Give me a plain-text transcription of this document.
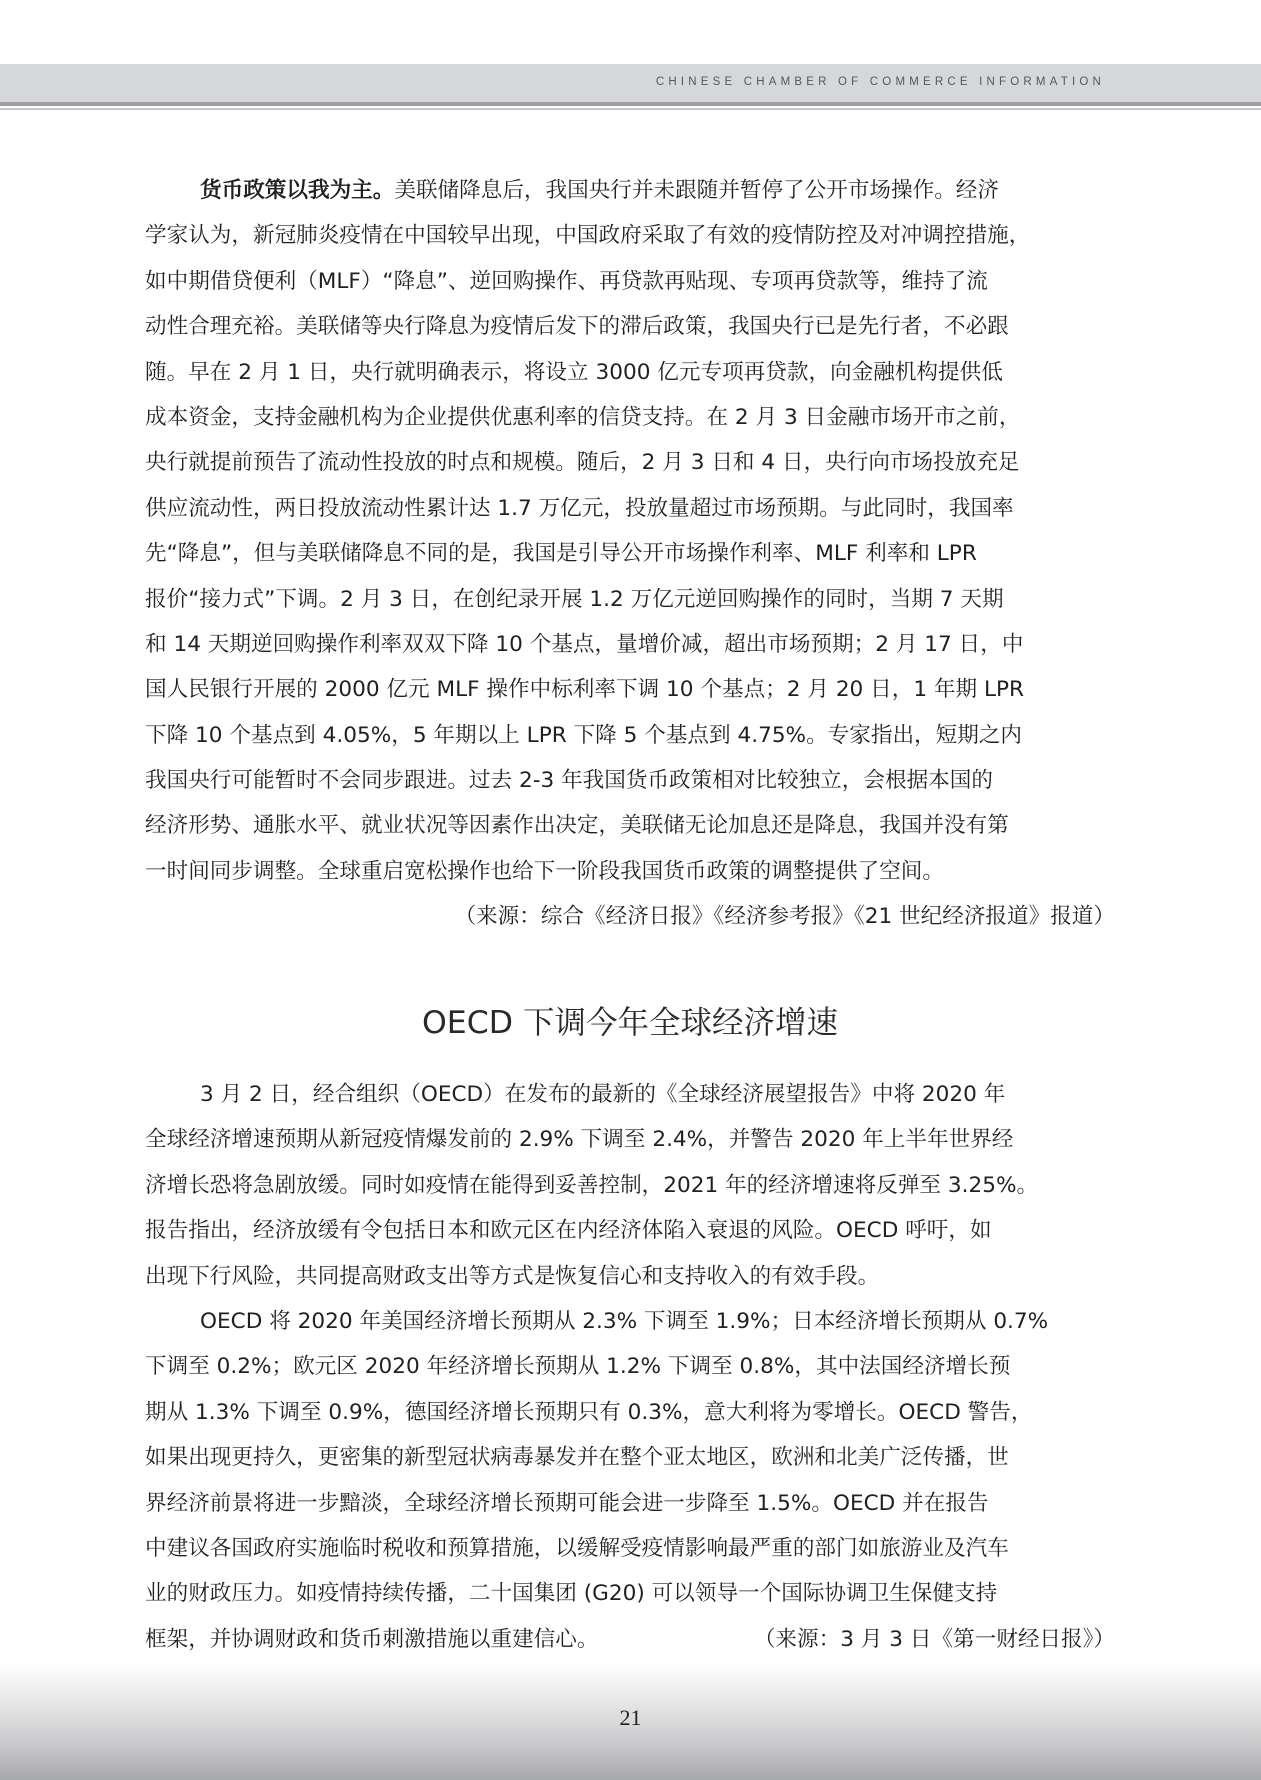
CHINESE CHAMBER OF COMMERCE INFORMATION
货币政策以我为主。美联储降息后，我国央行并未跟随并暂停了公开市场操作。经济
学家认为，新冠肺炎疫情在中国较早出现，中国政府采取了有效的疫情防控及对冲调控措施，
如中期借贷便利（MLF）“降息”、逆回购操作、再贷款再贴现、专项再贷款等，维持了流
动性合理充裕。美联储等央行降息为疫情后发下的滞后政策，我国央行已是先行者，不必跟
随。早在 2 月 1 日，央行就明确表示，将设立 3000 亿元专项再贷款，向金融机构提供低
成本资金，支持金融机构为企业提供优惠利率的信贷支持。在 2 月 3 日金融市场开市之前，
央行就提前预告了流动性投放的时点和规模。随后，2 月 3 日和 4 日，央行向市场投放充足
供应流动性，两日投放流动性累计达 1.7 万亿元，投放量超过市场预期。与此同时，我国率
先“降息”，但与美联储降息不同的是，我国是引导公开市场操作利率、MLF 利率和 LPR
报价“接力式”下调。2 月 3 日，在创纪录开展 1.2 万亿元逆回购操作的同时，当期 7 天期
和 14 天期逆回购操作利率双双下降 10 个基点，量增价减，超出市场预期；2 月 17 日，中
国人民银行开展的 2000 亿元 MLF 操作中标利率下调 10 个基点；2 月 20 日，1 年期 LPR
下降 10 个基点到 4.05%，5 年期以上 LPR 下降 5 个基点到 4.75%。专家指出，短期之内
我国央行可能暂时不会同步跟进。过去 2-3 年我国货币政策相对比较独立，会根据本国的
经济形势、通胀水平、就业状况等因素作出决定，美联储无论加息还是降息，我国并没有第
一时间同步调整。全球重启宽松操作也给下一阶段我国货币政策的调整提供了空间。
（来源：综合《经济日报》《经济参考报》《21 世纪经济报道》报道）
OECD 下调今年全球经济增速
3 月 2 日，经合组织（OECD）在发布的最新的《全球经济展望报告》中将 2020 年
全球经济增速预期从新冠疫情爆发前的 2.9% 下调至 2.4%，并警告 2020 年上半年世界经
济增长恐将急剧放缓。同时如疫情在能得到妥善控制，2021 年的经济增速将反弹至 3.25%。
报告指出，经济放缓有令包括日本和欧元区在内经济体陷入衰退的风险。OECD 呼吁，如
出现下行风险，共同提高财政支出等方式是恢复信心和支持收入的有效手段。
OECD 将 2020 年美国经济增长预期从 2.3% 下调至 1.9%；日本经济增长预期从 0.7%
下调至 0.2%；欧元区 2020 年经济增长预期从 1.2% 下调至 0.8%，其中法国经济增长预
期从 1.3% 下调至 0.9%，德国经济增长预期只有 0.3%，意大利将为零增长。OECD 警告，
如果出现更持久，更密集的新型冠状病毒暴发并在整个亚太地区，欧洲和北美广泛传播，世
界经济前景将进一步黯淡，全球经济增长预期可能会进一步降至 1.5%。OECD 并在报告
中建议各国政府实施临时税收和预算措施，以缓解受疫情影响最严重的部门如旅游业及汽车
业的财政压力。如疫情持续传播，二十国集团 (G20) 可以领导一个国际协调卫生保健支持
框架，并协调财政和货币刺激措施以重建信心。	（来源：3 月 3 日《第一财经日报》）
21
